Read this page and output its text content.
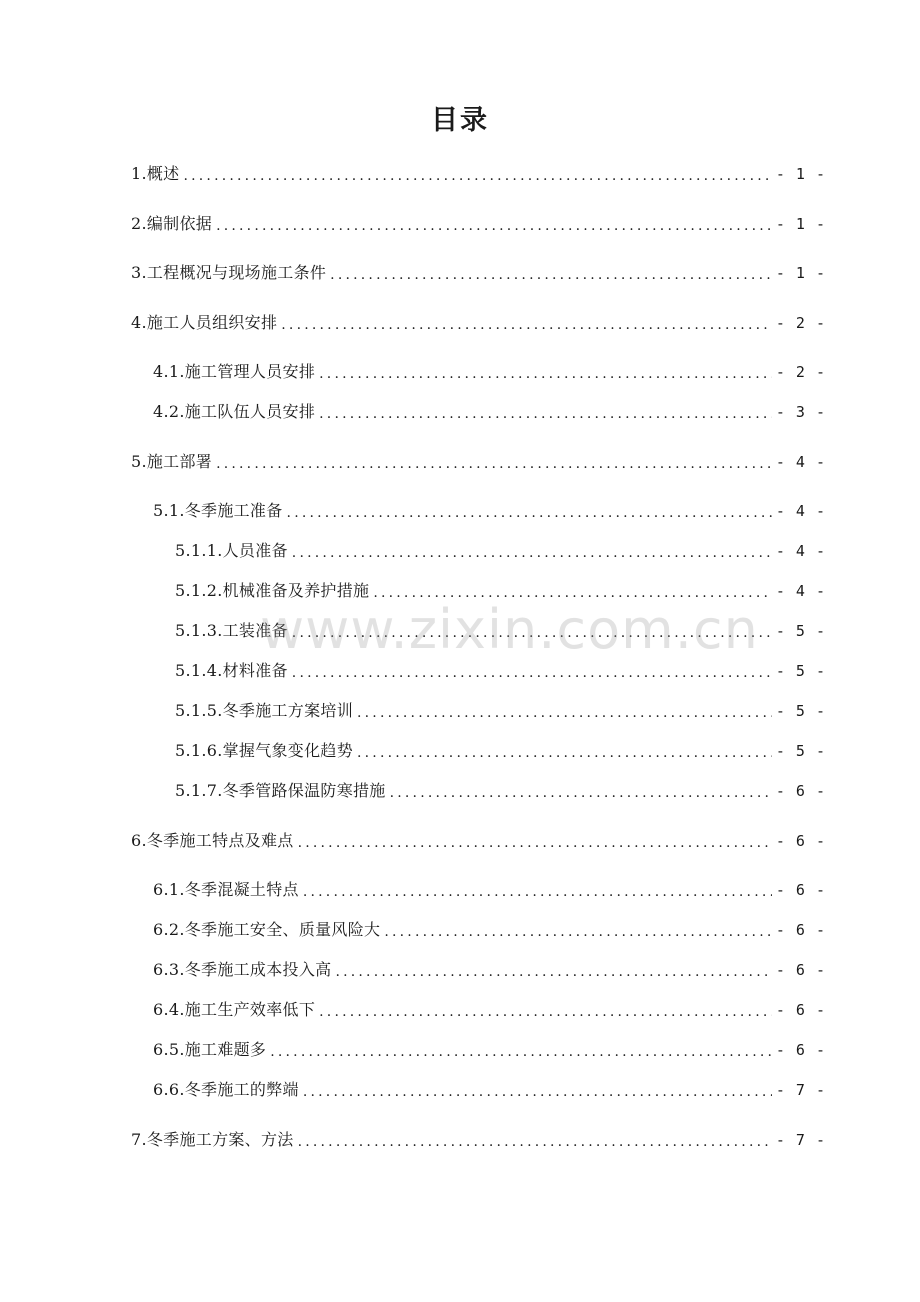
目录
1.概述 .....	- 1 -
2.编制依据 .....	- 1 -
3.工程概况与现场施工条件 .....	- 1 -
4.施工人员组织安排 .....	- 2 -
4.1.施工管理人员安排 .....	- 2 -
4.2.施工队伍人员安排 .....	- 3 -
5.施工部署 .....	- 4 -
5.1.冬季施工准备 .....	- 4 -
5.1.1.人员准备 .....	- 4 -
5.1.2.机械准备及养护措施 .....	- 4 -
5.1.3.工装准备 .....	- 5 -
5.1.4.材料准备 .....	- 5 -
5.1.5.冬季施工方案培训 .....	- 5 -
5.1.6.掌握气象变化趋势 .....	- 5 -
5.1.7.冬季管路保温防寒措施 .....	- 6 -
6.冬季施工特点及难点 .....	- 6 -
6.1.冬季混凝土特点 .....	- 6 -
6.2.冬季施工安全、质量风险大 .....	- 6 -
6.3.冬季施工成本投入高 .....	- 6 -
6.4.施工生产效率低下 .....	- 6 -
6.5.施工难题多 .....	- 6 -
6.6.冬季施工的弊端 .....	- 7 -
7.冬季施工方案、方法 .....	- 7 -
www.zixin.com.cn
